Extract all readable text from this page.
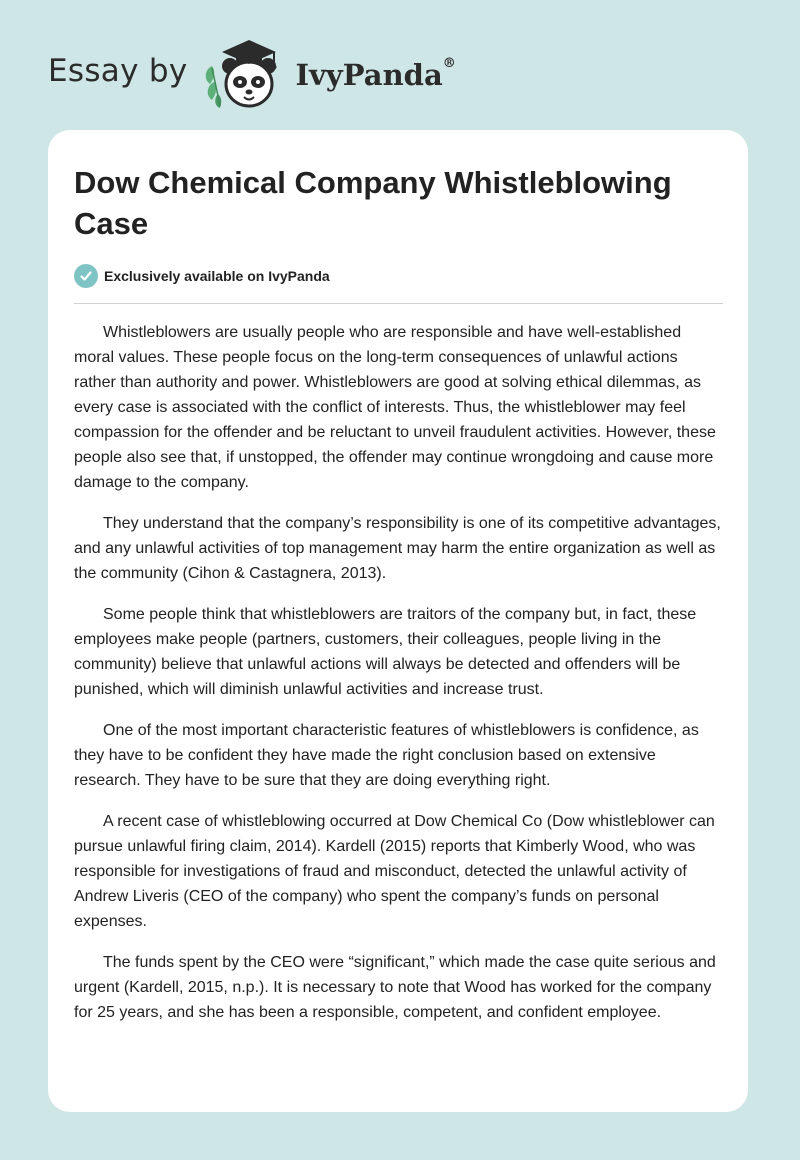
Essay by	IvyPanda®
Dow Chemical Company Whistleblowing Case
Exclusively available on IvyPanda

Whistleblowers are usually people who are responsible and have well-established moral values. These people focus on the long-term consequences of unlawful actions rather than authority and power. Whistleblowers are good at solving ethical dilemmas, as every case is associated with the conflict of interests. Thus, the whistleblower may feel compassion for the offender and be reluctant to unveil fraudulent activities. However, these people also see that, if unstopped, the offender may continue wrongdoing and cause more damage to the company.

They understand that the company’s responsibility is one of its competitive advantages, and any unlawful activities of top management may harm the entire organization as well as the community (Cihon & Castagnera, 2013).

Some people think that whistleblowers are traitors of the company but, in fact, these employees make people (partners, customers, their colleagues, people living in the community) believe that unlawful actions will always be detected and offenders will be punished, which will diminish unlawful activities and increase trust.

One of the most important characteristic features of whistleblowers is confidence, as they have to be confident they have made the right conclusion based on extensive research. They have to be sure that they are doing everything right.

A recent case of whistleblowing occurred at Dow Chemical Co (Dow whistleblower can pursue unlawful firing claim, 2014). Kardell (2015) reports that Kimberly Wood, who was responsible for investigations of fraud and misconduct, detected the unlawful activity of Andrew Liveris (CEO of the company) who spent the company’s funds on personal expenses.

The funds spent by the CEO were “significant,” which made the case quite serious and urgent (Kardell, 2015, n.p.). It is necessary to note that Wood has worked for the company for 25 years, and she has been a responsible, competent, and confident employee.
